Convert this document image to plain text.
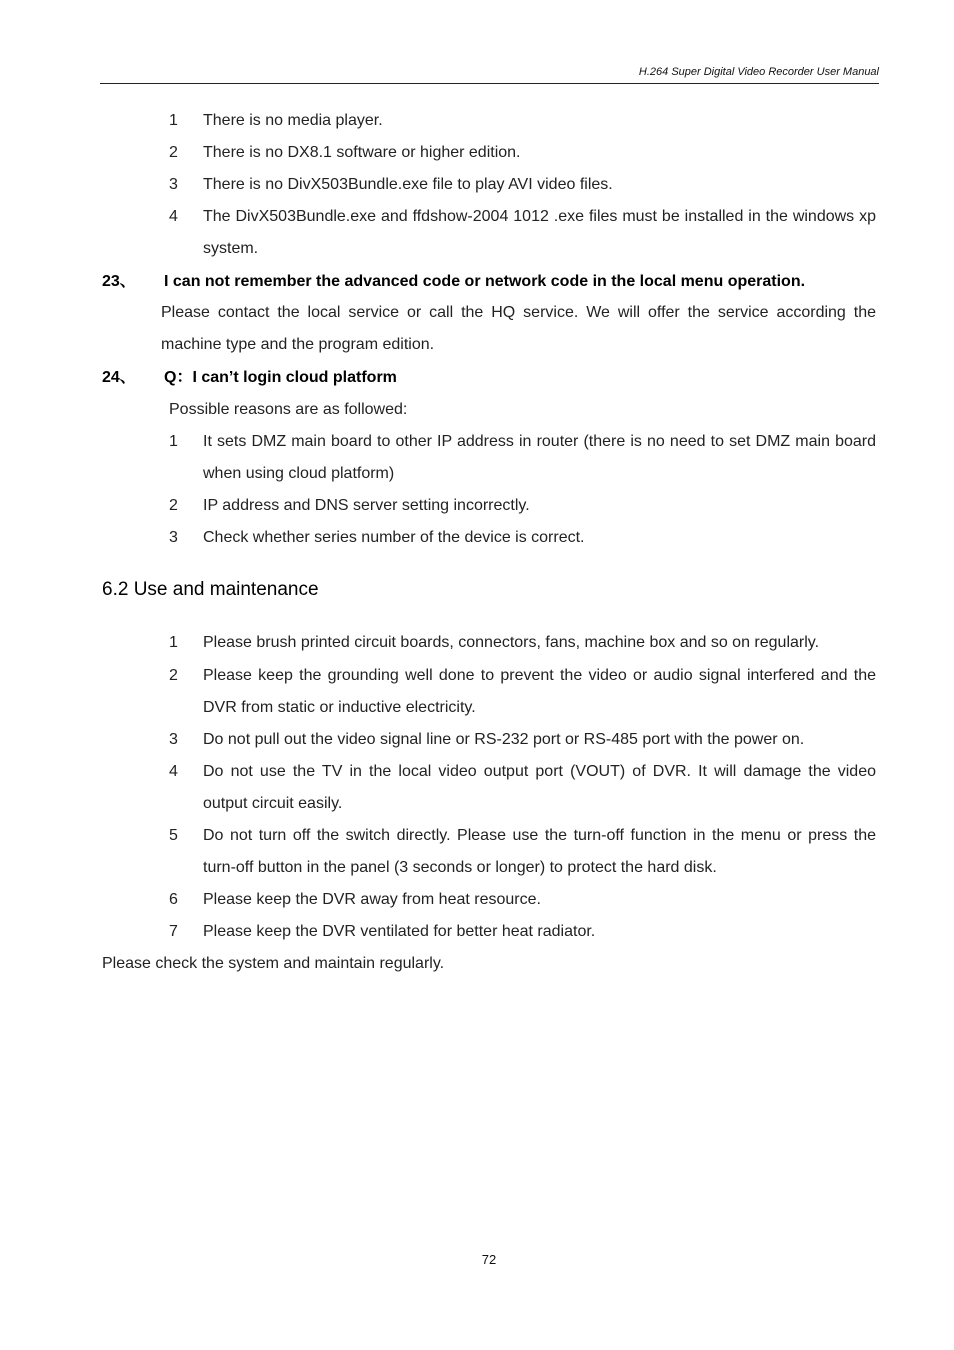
H.264 Super Digital Video Recorder User Manual
1	There is no media player.
2	There is no DX8.1 software or higher edition.
3	There is no DivX503Bundle.exe file to play AVI video files.
4	The DivX503Bundle.exe and ffdshow-2004 1012 .exe files must be installed in the windows xp system.
23、 I can not remember the advanced code or network code in the local menu operation.
Please contact the local service or call the HQ service. We will offer the service according the machine type and the program edition.
24、 Q：I can’t login cloud platform
Possible reasons are as followed:
1	It sets DMZ main board to other IP address in router (there is no need to set DMZ main board when using cloud platform)
2	IP address and DNS server setting incorrectly.
3	Check whether series number of the device is correct.
6.2 Use and maintenance
1	Please brush printed circuit boards, connectors, fans, machine box and so on regularly.
2	Please keep the grounding well done to prevent the video or audio signal interfered and the DVR from static or inductive electricity.
3	Do not pull out the video signal line or RS-232 port or RS-485 port with the power on.
4	Do not use the TV in the local video output port (VOUT) of DVR. It will damage the video output circuit easily.
5	Do not turn off the switch directly. Please use the turn-off function in the menu or press the turn-off button in the panel (3 seconds or longer) to protect the hard disk.
6	Please keep the DVR away from heat resource.
7	Please keep the DVR ventilated for better heat radiator.
Please check the system and maintain regularly.
72
